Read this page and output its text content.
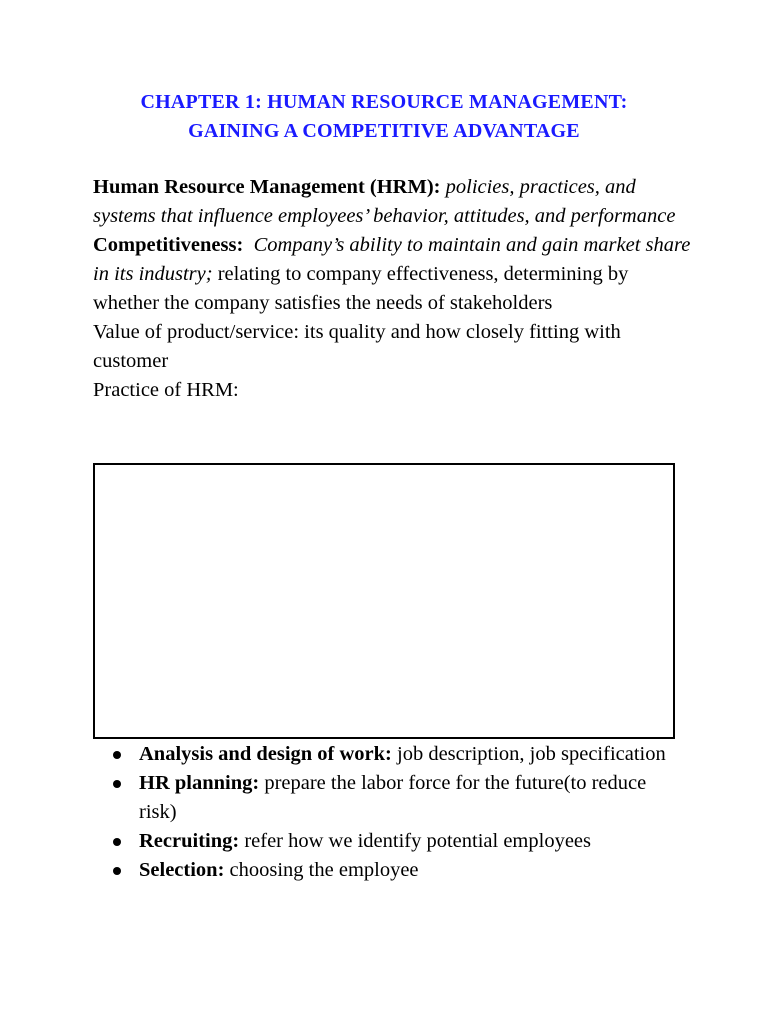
CHAPTER 1: HUMAN RESOURCE MANAGEMENT:
GAINING A COMPETITIVE ADVANTAGE

Human Resource Management (HRM): policies, practices, and systems that influence employees’ behavior, attitudes, and performance

Competitiveness: Company’s ability to maintain and gain market share in its industry; relating to company effectiveness, determining by whether the company satisfies the needs of stakeholders

Value of product/service: its quality and how closely fitting with customer

Practice of HRM:

Analysis and design of work: job description, job specification
HR planning: prepare the labor force for the future(to reduce risk)
Recruiting: refer how we identify potential employees
Selection: choosing the employee
